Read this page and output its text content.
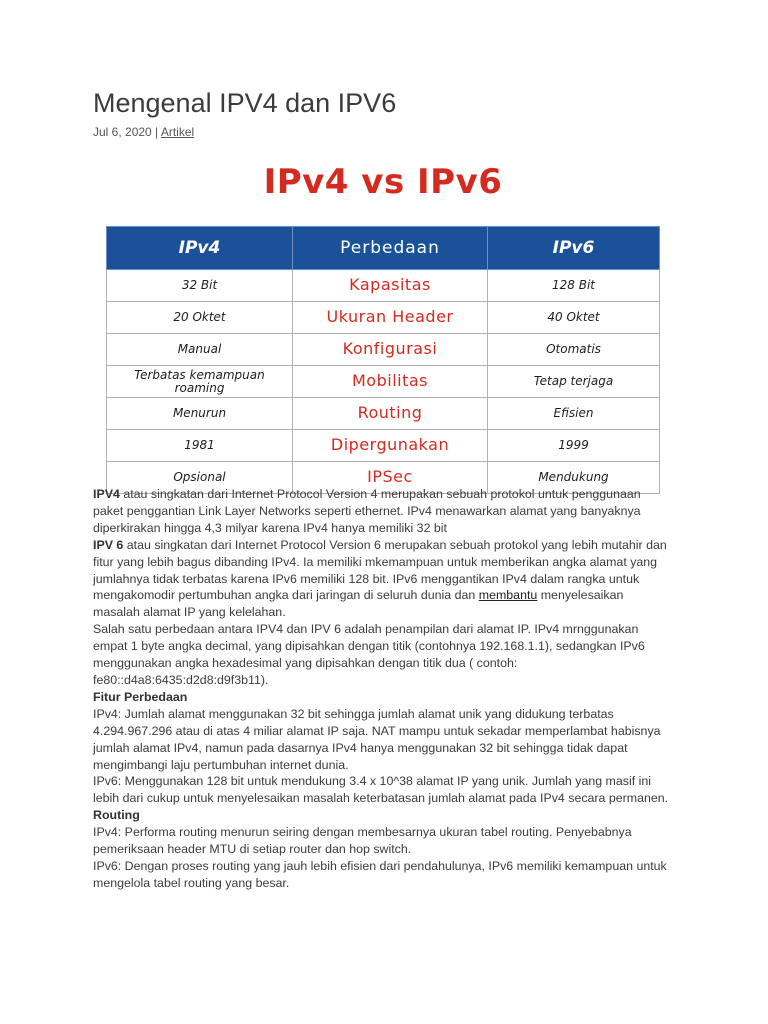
Mengenal IPV4 dan IPV6
Jul 6, 2020 | Artikel
IPv4 vs IPv6
IPv4	Perbedaan	IPv6
32 Bit	Kapasitas	128 Bit
20 Oktet	Ukuran Header	40 Oktet
Manual	Konfigurasi	Otomatis
Terbatas kemampuan roaming	Mobilitas	Tetap terjaga
Menurun	Routing	Efisien
1981	Dipergunakan	1999
Opsional	IPSec	Mendukung

IPV4 atau singkatan dari Internet Protocol Version 4 merupakan sebuah protokol untuk penggunaan paket penggantian Link Layer Networks seperti ethernet. IPv4 menawarkan alamat yang banyaknya diperkirakan hingga 4,3 milyar karena IPv4 hanya memiliki 32 bit

IPV 6 atau singkatan dari Internet Protocol Version 6 merupakan sebuah protokol yang lebih mutahir dan fitur yang lebih bagus dibanding IPv4. Ia memiliki mkemampuan untuk memberikan angka alamat yang jumlahnya tidak terbatas karena IPv6 memiliki 128 bit. IPv6 menggantikan IPv4 dalam rangka untuk mengakomodir pertumbuhan angka dari jaringan di seluruh dunia dan membantu menyelesaikan masalah alamat IP yang kelelahan.

Salah satu perbedaan antara IPV4 dan IPV 6 adalah penampilan dari alamat IP. IPv4 mrnggunakan empat 1 byte angka decimal, yang dipisahkan dengan titik (contohnya 192.168.1.1), sedangkan IPv6 menggunakan angka hexadesimal yang dipisahkan dengan titik dua ( contoh: fe80::d4a8:6435:d2d8:d9f3b11).

Fitur Perbedaan

IPv4: Jumlah alamat menggunakan 32 bit sehingga jumlah alamat unik yang didukung terbatas 4.294.967.296 atau di atas 4 miliar alamat IP saja. NAT mampu untuk sekadar memperlambat habisnya jumlah alamat IPv4, namun pada dasarnya IPv4 hanya menggunakan 32 bit sehingga tidak dapat mengimbangi laju pertumbuhan internet dunia.

IPv6: Menggunakan 128 bit untuk mendukung 3.4 x 10^38 alamat IP yang unik. Jumlah yang masif ini lebih dari cukup untuk menyelesaikan masalah keterbatasan jumlah alamat pada IPv4 secara permanen.

Routing

IPv4: Performa routing menurun seiring dengan membesarnya ukuran tabel routing. Penyebabnya pemeriksaan header MTU di setiap router dan hop switch.

IPv6: Dengan proses routing yang jauh lebih efisien dari pendahulunya, IPv6 memiliki kemampuan untuk mengelola tabel routing yang besar.
